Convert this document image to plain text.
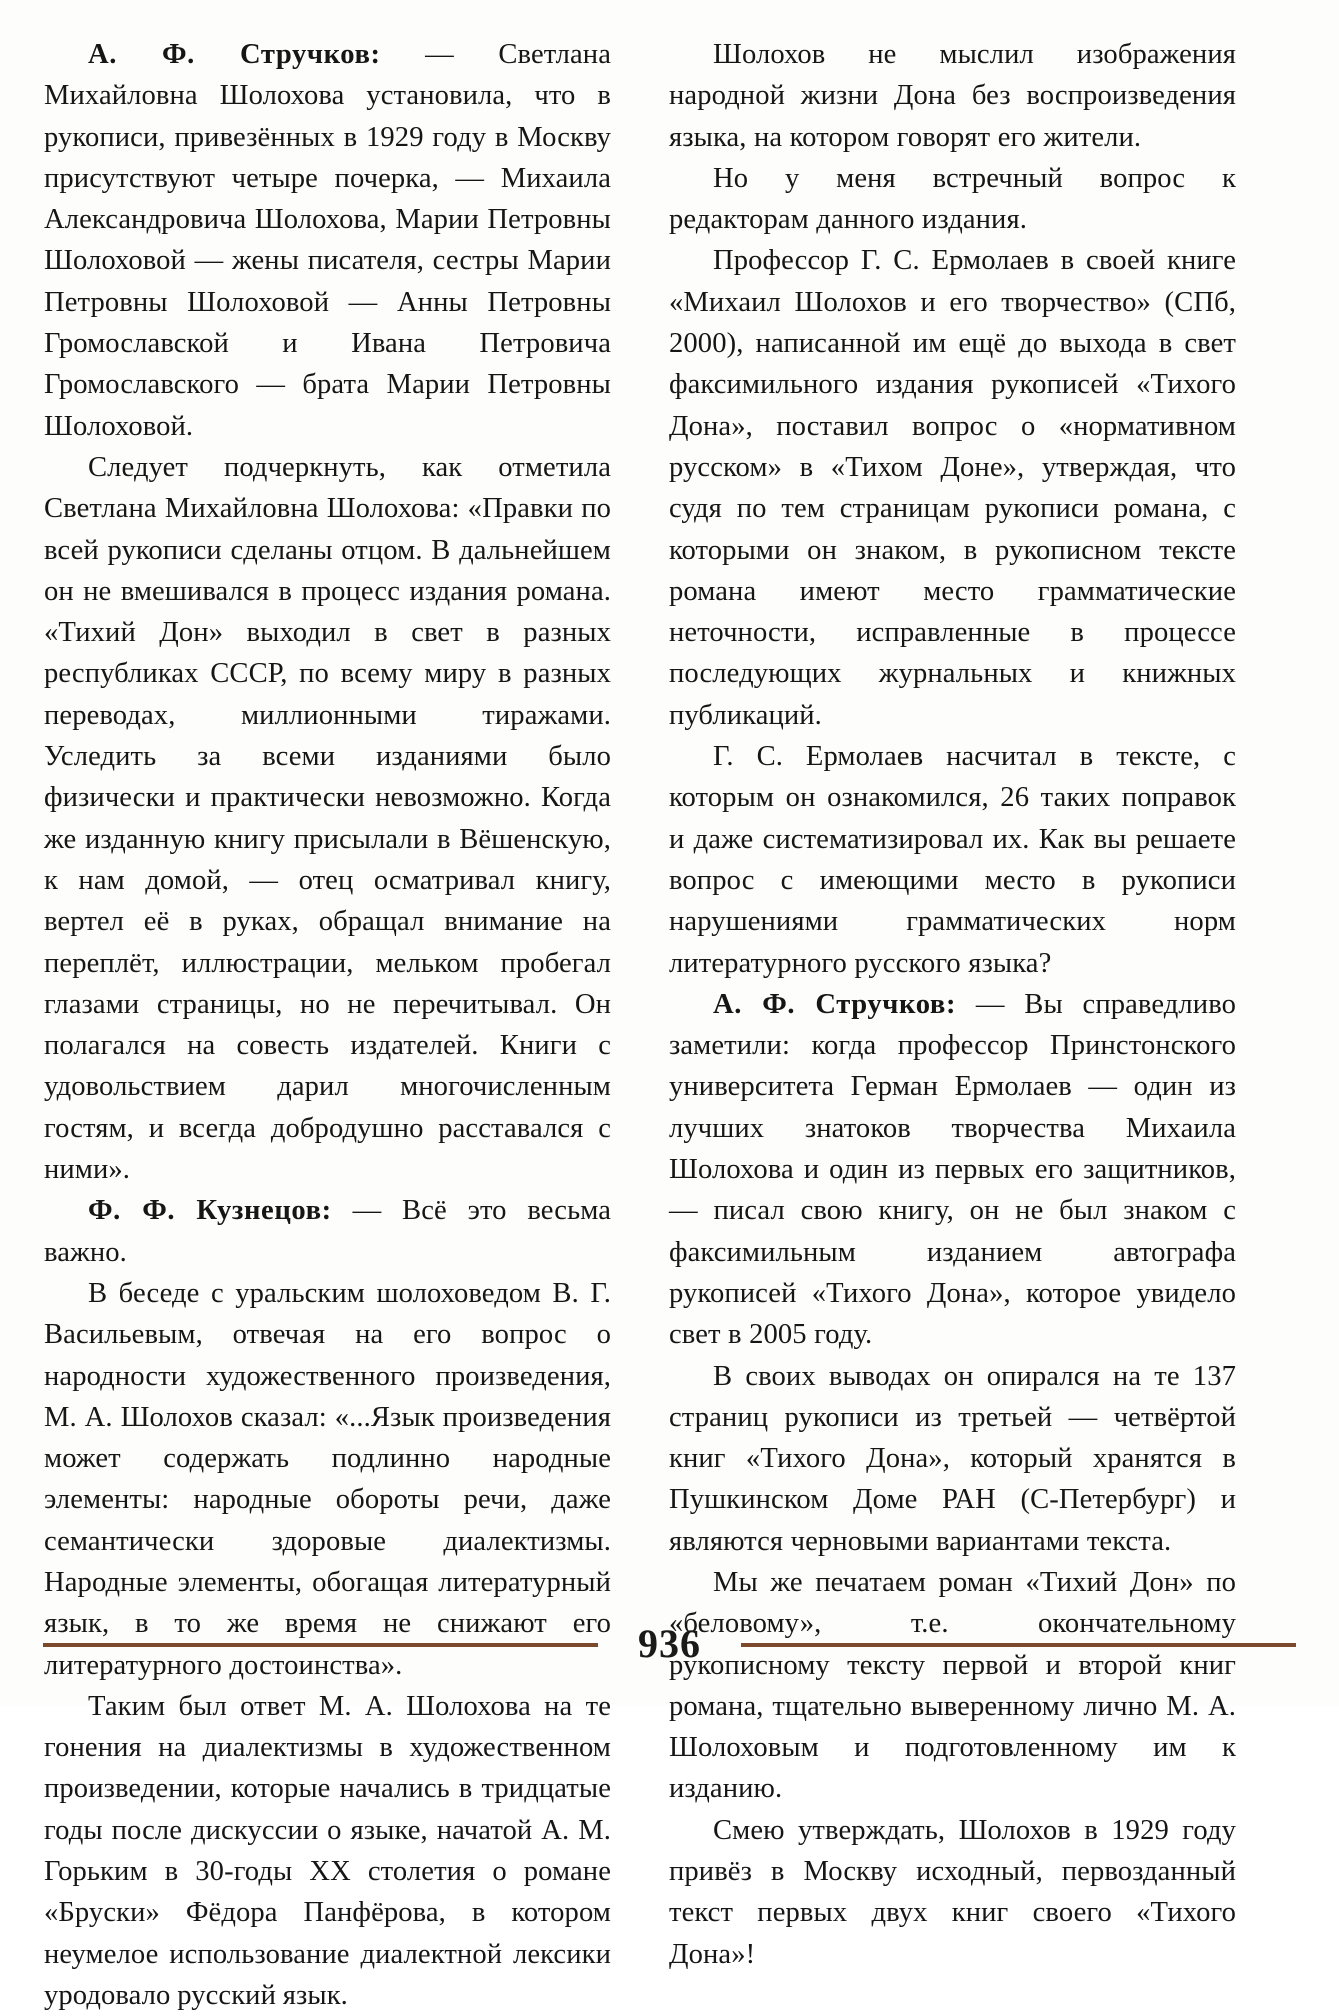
А. Ф. Стручков: — Светлана Михайловна Шолохова установила, что в рукописи, привезённых в 1929 году в Москву присутствуют четыре почерка, — Михаила Александровича Шолохова, Марии Петровны Шолоховой — жены писателя, сестры Марии Петровны Шолоховой — Анны Петровны Громославской и Ивана Петровича Громославского — брата Марии Петровны Шолоховой.

Следует подчеркнуть, как отметила Светлана Михайловна Шолохова: «Правки по всей рукописи сделаны отцом. В дальнейшем он не вмешивался в процесс издания романа. «Тихий Дон» выходил в свет в разных республиках СССР, по всему миру в разных переводах, миллионными тиражами. Уследить за всеми изданиями было физически и практически невозможно. Когда же изданную книгу присылали в Вёшенскую, к нам домой, — отец осматривал книгу, вертел её в руках, обращал внимание на переплёт, иллюстрации, мельком пробегал глазами страницы, но не перечитывал. Он полагался на совесть издателей. Книги с удовольствием дарил многочисленным гостям, и всегда добродушно расставался с ними».

Ф. Ф. Кузнецов: — Всё это весьма важно.

В беседе с уральским шолоховедом В. Г. Васильевым, отвечая на его вопрос о народности художественного произведения, М. А. Шолохов сказал: «...Язык произведения может содержать подлинно народные элементы: народные обороты речи, даже семантически здоровые диалектизмы. Народные элементы, обогащая литературный язык, в то же время не снижают его литературного достоинства».

Таким был ответ М. А. Шолохова на те гонения на диалектизмы в художественном произведении, которые начались в тридцатые годы после дискуссии о языке, начатой А. М. Горьким в 30-годы XX столетия о романе «Бруски» Фёдора Панфёрова, в котором неумелое использование диалектной лексики уродовало русский язык.

Шолохов не мыслил изображения народной жизни Дона без воспроизведения языка, на котором говорят его жители.

Но у меня встречный вопрос к редакторам данного издания.

Профессор Г. С. Ермолаев в своей книге «Михаил Шолохов и его творчество» (СПб, 2000), написанной им ещё до выхода в свет факсимильного издания рукописей «Тихого Дона», поставил вопрос о «нормативном русском» в «Тихом Доне», утверждая, что судя по тем страницам рукописи романа, с которыми он знаком, в рукописном тексте романа имеют место грамматические неточности, исправленные в процессе последующих журнальных и книжных публикаций.

Г. С. Ермолаев насчитал в тексте, с которым он ознакомился, 26 таких поправок и даже систематизировал их. Как вы решаете вопрос с имеющими место в рукописи нарушениями грамматических норм литературного русского языка?

А. Ф. Стручков: — Вы справедливо заметили: когда профессор Принстонского университета Герман Ермолаев — один из лучших знатоков творчества Михаила Шолохова и один из первых его защитников, — писал свою книгу, он не был знаком с факсимильным изданием автографа рукописей «Тихого Дона», которое увидело свет в 2005 году.

В своих выводах он опирался на те 137 страниц рукописи из третьей — четвёртой книг «Тихого Дона», который хранятся в Пушкинском Доме РАН (С-Петербург) и являются черновыми вариантами текста.

Мы же печатаем роман «Тихий Дон» по «беловому», т.е. окончательному рукописному тексту первой и второй книг романа, тщательно выверенному лично М. А. Шолоховым и подготовленному им к изданию.

Смею утверждать, Шолохов в 1929 году привёз в Москву исходный, первозданный текст первых двух книг своего «Тихого Дона»!

936
